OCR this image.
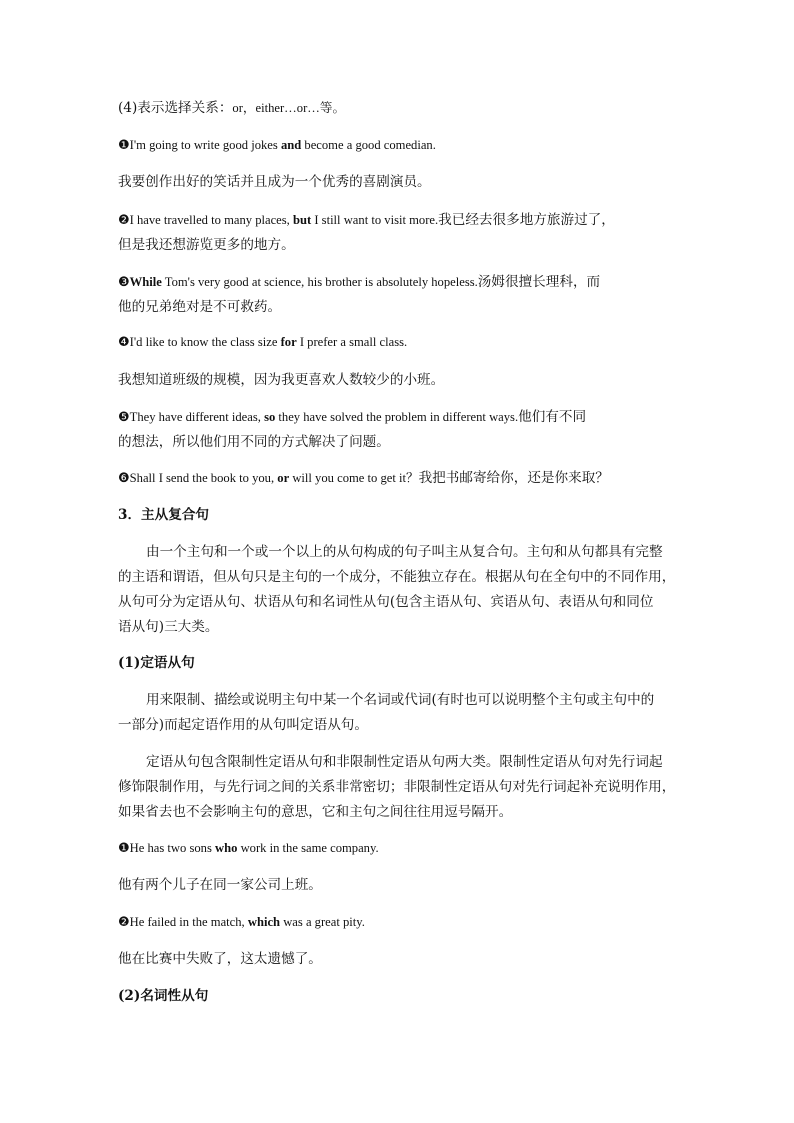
(4)表示选择关系：or，either…or…等。

❶I'm going to write good jokes and become a good comedian.

我要创作出好的笑话并且成为一个优秀的喜剧演员。

❷I have travelled to many places, but I still want to visit more.我已经去很多地方旅游过了，

但是我还想游览更多的地方。

❸While Tom's very good at science, his brother is absolutely hopeless.汤姆很擅长理科，而

他的兄弟绝对是不可救药。

❹I'd like to know the class size for I prefer a small class.

我想知道班级的规模，因为我更喜欢人数较少的小班。

❺They have different ideas, so they have solved the problem in different ways.他们有不同

的想法，所以他们用不同的方式解决了问题。

❻Shall I send the book to you, or will you come to get it？我把书邮寄给你，还是你来取？

3．主从复合句

由一个主句和一个或一个以上的从句构成的句子叫主从复合句。主句和从句都具有完整

的主语和谓语，但从句只是主句的一个成分，不能独立存在。根据从句在全句中的不同作用，

从句可分为定语从句、状语从句和名词性从句(包含主语从句、宾语从句、表语从句和同位

语从句)三大类。

(1)定语从句

用来限制、描绘或说明主句中某一个名词或代词(有时也可以说明整个主句或主句中的

一部分)而起定语作用的从句叫定语从句。

定语从句包含限制性定语从句和非限制性定语从句两大类。限制性定语从句对先行词起

修饰限制作用，与先行词之间的关系非常密切；非限制性定语从句对先行词起补充说明作用，

如果省去也不会影响主句的意思，它和主句之间往往用逗号隔开。

❶He has two sons who work in the same company.

他有两个儿子在同一家公司上班。

❷He failed in the match, which was a great pity.

他在比赛中失败了，这太遗憾了。

(2)名词性从句
